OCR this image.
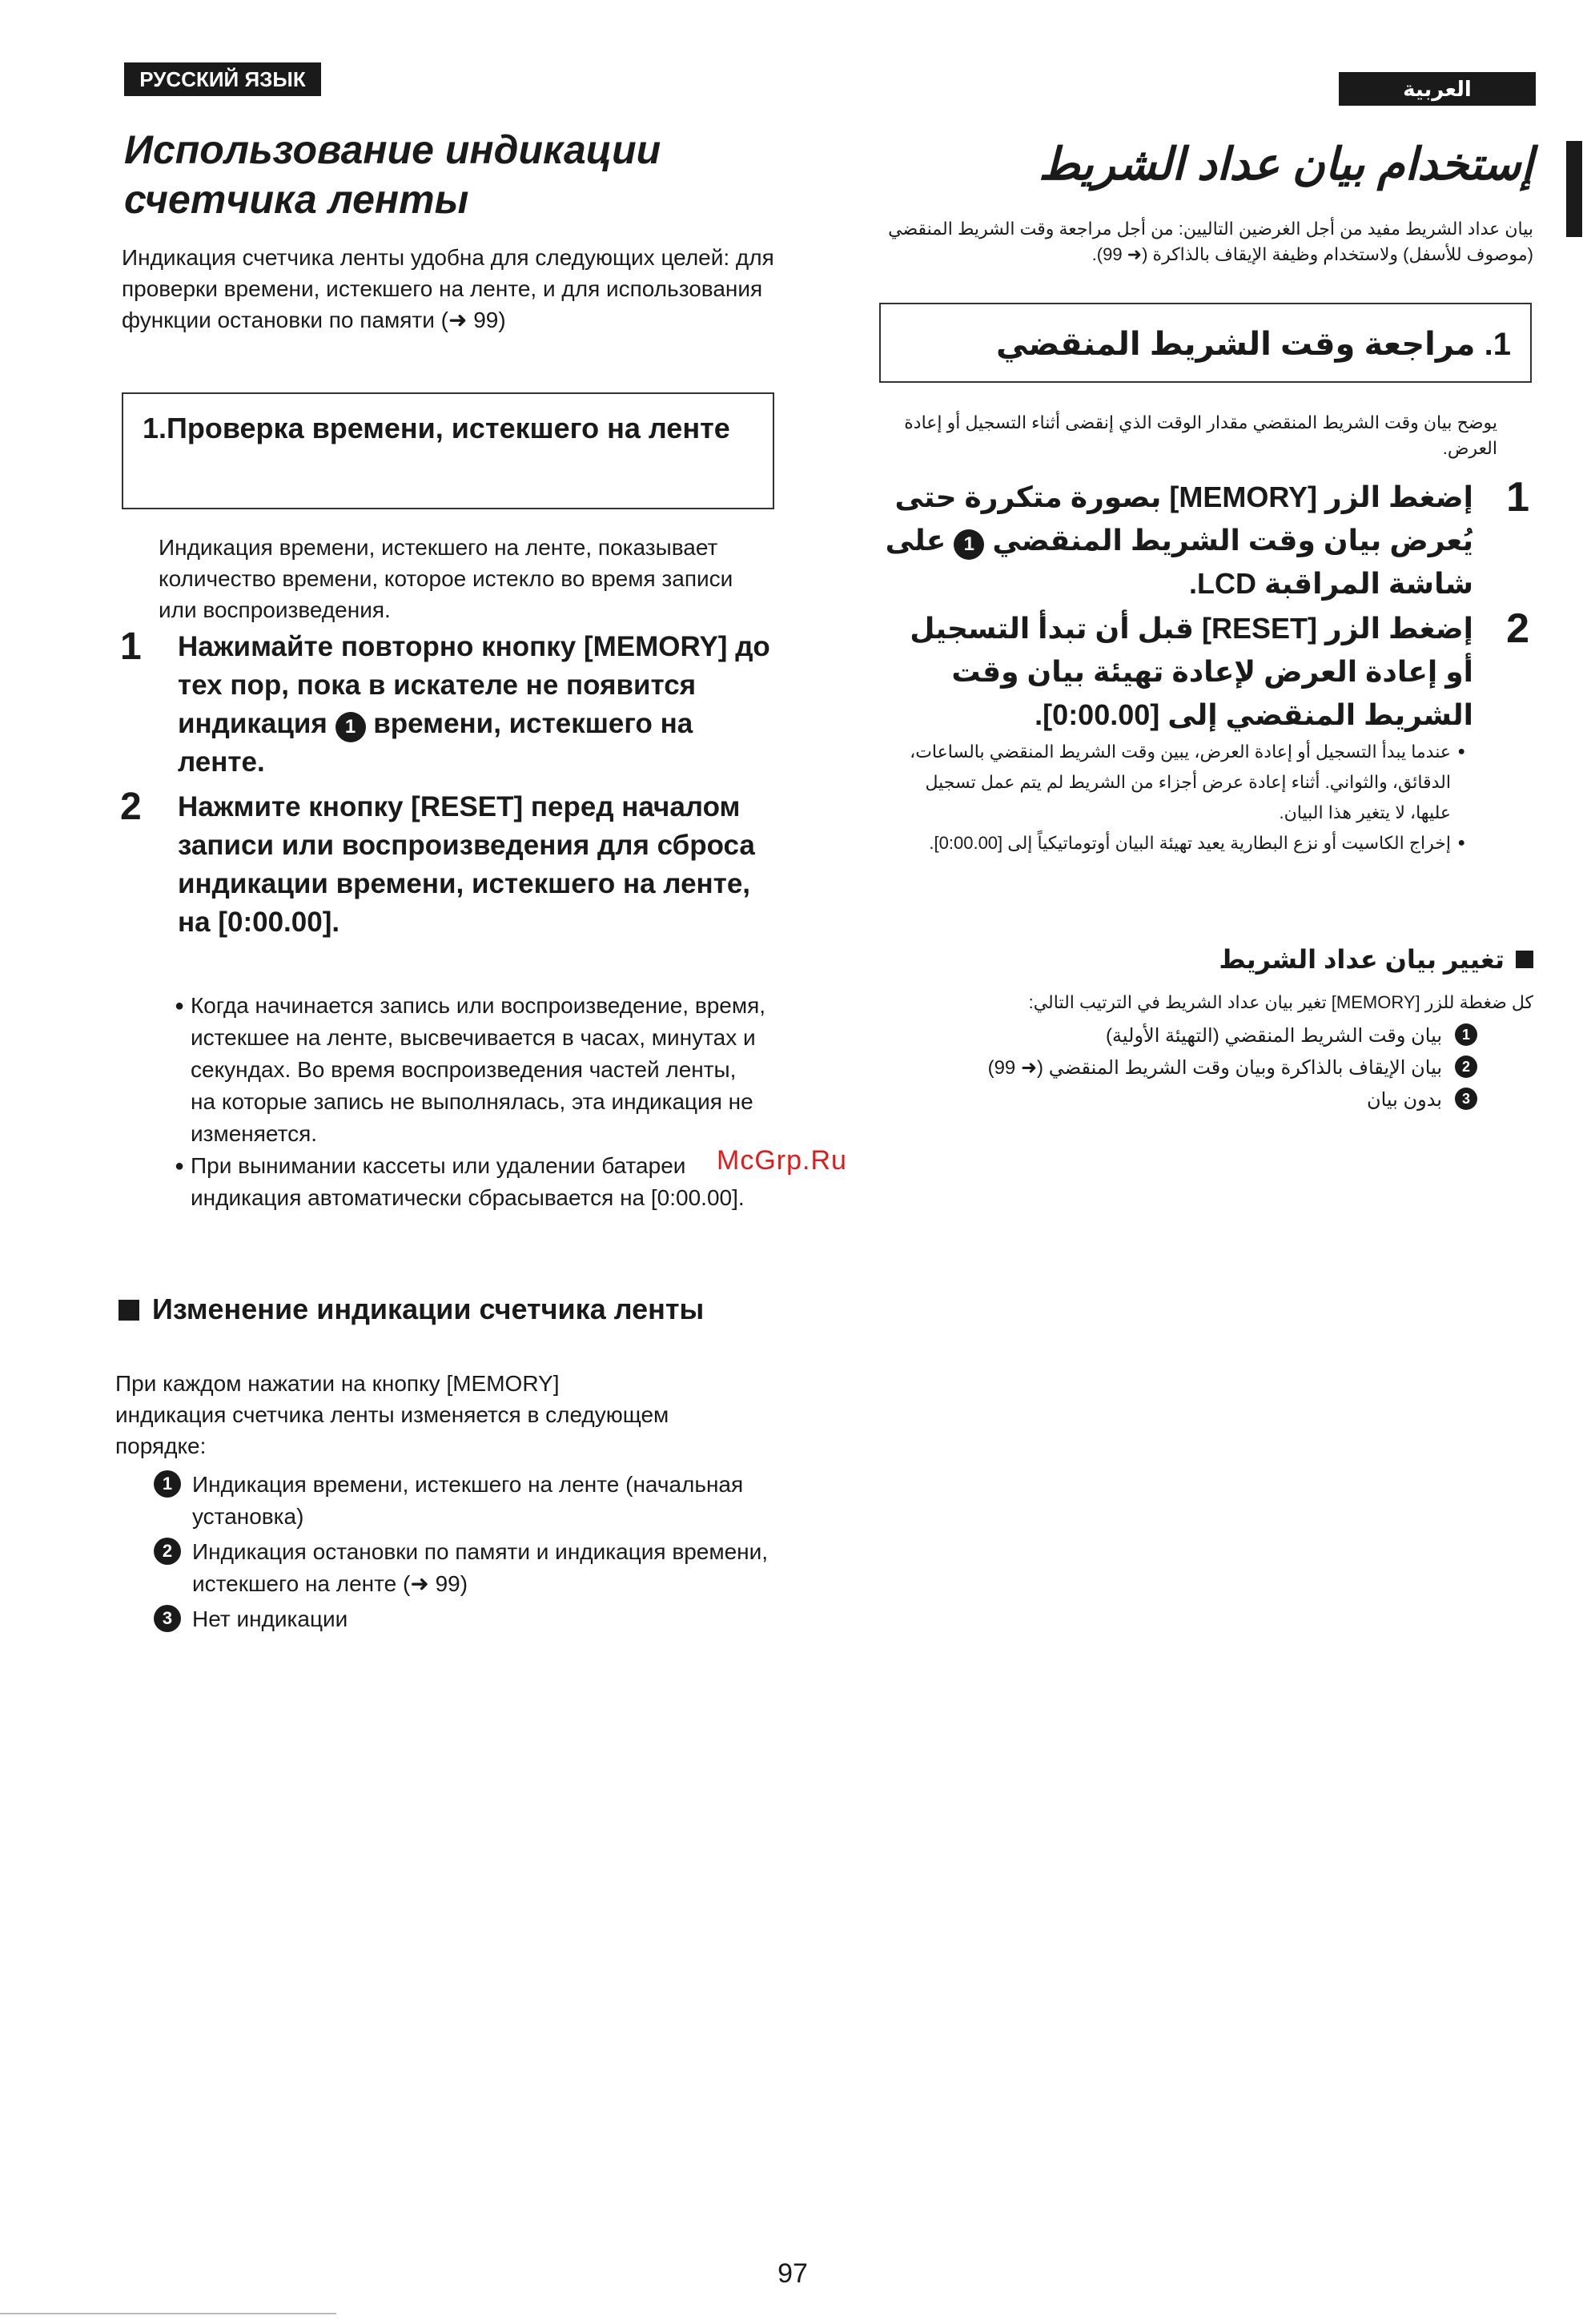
РУССКИЙ ЯЗЫК

Использование индикации

счетчика ленты

Индикация счетчика ленты удобна для следующих целей: для проверки времени, истекшего на ленте, и для использования функции остановки по памяти (➜ 99)
1.Проверка времени, истекшего на ленте
Индикация времени, истекшего на ленте, показывает количество времени, которое истекло во время записи или воспроизведения.
1 Нажимайте повторно кнопку [MEMORY] до тех пор, пока в искателе не появится индикация 1 времени, истекшего на ленте.
2 Нажмите кнопку [RESET] перед началом записи или воспроизведения для сброса индикации времени, истекшего на ленте, на [0:00.00].
● Когда начинается запись или воспроизведение, время, истекшее на ленте, высвечивается в часах, минутах и секундах. Во время воспроизведения частей ленты, на которые запись не выполнялась, эта индикация не изменяется.
● При вынимании кассеты или удалении батареи индикация автоматически сбрасывается на [0:00.00].
Изменение индикации счетчика ленты
При каждом нажатии на кнопку [MEMORY] индикация счетчика ленты изменяется в следующем порядке:
1 Индикация времени, истекшего на ленте (начальная установка)
2 Индикация остановки по памяти и индикация времени, истекшего на ленте (➜ 99)
3 Нет индикации
McGrp.Ru
العربية
إستخدام بيان عداد الشريط
بيان عداد الشريط مفيد من أجل الغرضين التاليين: من أجل مراجعة وقت الشريط المنقضي (موصوف للأسفل) ولاستخدام وظيفة الإيقاف بالذاكرة (➜ 99).
1. مراجعة وقت الشريط المنقضي
يوضح بيان وقت الشريط المنقضي مقدار الوقت الذي إنقضى أثناء التسجيل أو إعادة العرض.
1
إضغط الزر [MEMORY] بصورة متكررة حتى يُعرض بيان وقت الشريط المنقضي 1 على شاشة المراقبة LCD.
2
إضغط الزر [RESET] قبل أن تبدأ التسجيل أو إعادة العرض لإعادة تهيئة بيان وقت الشريط المنقضي إلى [0:00.00].
● عندما يبدأ التسجيل أو إعادة العرض، يبين وقت الشريط المنقضي بالساعات، الدقائق، والثواني. أثناء إعادة عرض أجزاء من الشريط لم يتم عمل تسجيل عليها، لا يتغير هذا البيان.
● إخراج الكاسيت أو نزع البطارية يعيد تهيئة البيان أوتوماتيكياً إلى [0:00.00].
تغيير بيان عداد الشريط
كل ضغطة للزر [MEMORY] تغير بيان عداد الشريط في الترتيب التالي:
1
بيان وقت الشريط المنقضي (التهيئة الأولية)
2
بيان الإيقاف بالذاكرة وبيان وقت الشريط المنقضي (➜ 99)
3
بدون بيان
97
